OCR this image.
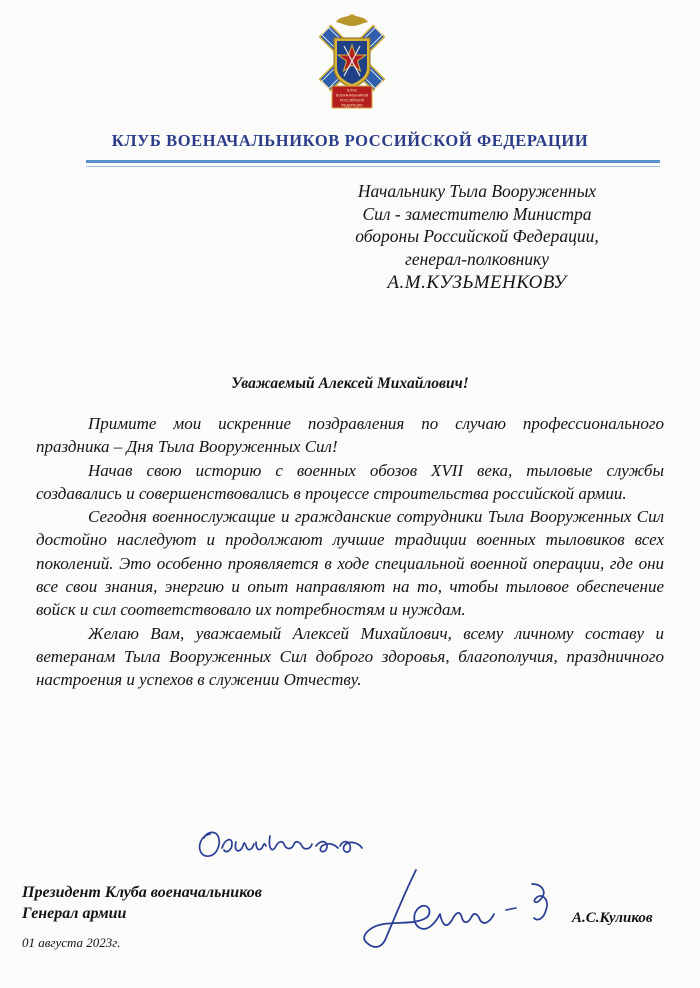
КЛУБ
ВОЕНАЧАЛЬНИКОВ
РОССИЙСКОЙ
ФЕДЕРАЦИИ
КЛУБ ВОЕНАЧАЛЬНИКОВ РОССИЙСКОЙ ФЕДЕРАЦИИ
Начальнику Тыла Вооруженных
Сил - заместителю Министра
обороны Российской Федерации,
генерал-полковнику
А.М.КУЗЬМЕНКОВУ
Уважаемый Алексей Михайлович!

Примите мои искренние поздравления по случаю профессионального праздника – Дня Тыла Вооруженных Сил!

Начав свою историю с военных обозов XVII века, тыловые службы создавались и совершенствовались в процессе строительства российской армии.

Сегодня военнослужащие и гражданские сотрудники Тыла Вооруженных Сил достойно наследуют и продолжают лучшие традиции военных тыловиков всех поколений. Это особенно проявляется в ходе специальной военной операции, где они все свои знания, энергию и опыт направляют на то, чтобы тыловое обеспечение войск и сил соответствовало их потребностям и нуждам.

Желаю Вам, уважаемый Алексей Михайлович, всему личному составу и ветеранам Тыла Вооруженных Сил доброго здоровья, благополучия, праздничного настроения и успехов в служении Отчеству.

Президент Клуба военачальников
Генерал армии
01 августа 2023г.
А.С.Куликов
